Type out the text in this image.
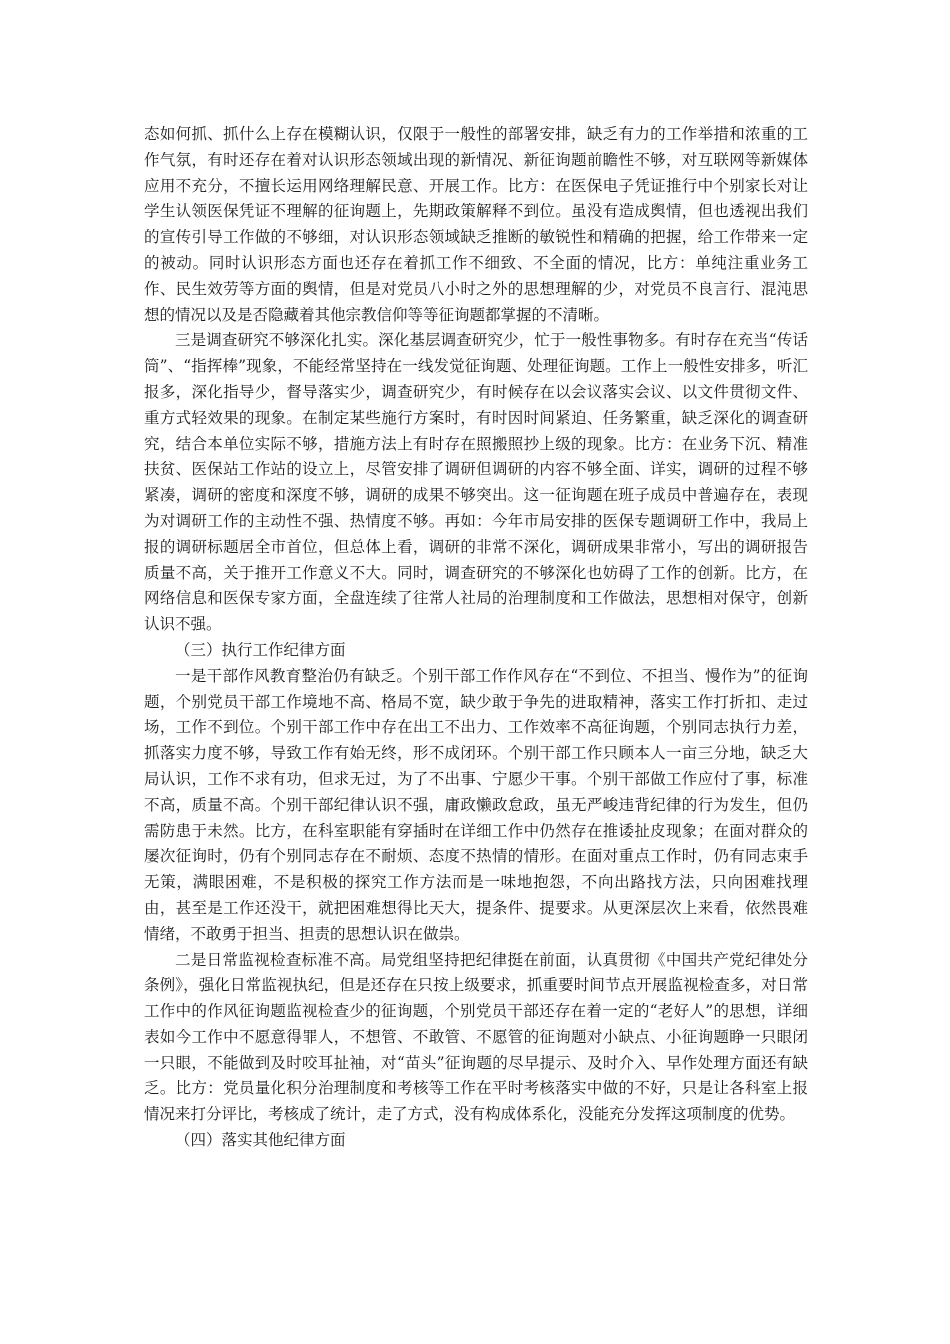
态如何抓、抓什么上存在模糊认识，仅限于一般性的部署安排，缺乏有力的工作举措和浓重的工作气氛，有时还存在着对认识形态领域出现的新情况、新征询题前瞻性不够，对互联网等新媒体应用不充分，不擅长运用网络理解民意、开展工作。比方：在医保电子凭证推行中个别家长对让学生认领医保凭证不理解的征询题上，先期政策解释不到位。虽没有造成舆情，但也透视出我们的宣传引导工作做的不够细，对认识形态领域缺乏推断的敏锐性和精确的把握，给工作带来一定的被动。同时认识形态方面也还存在着抓工作不细致、不全面的情况，比方：单纯注重业务工作、民生效劳等方面的舆情，但是对党员八小时之外的思想理解的少，对党员不良言行、混沌思想的情况以及是否隐藏着其他宗教信仰等等征询题都掌握的不清晰。

三是调查研究不够深化扎实。深化基层调查研究少，忙于一般性事物多。有时存在充当“传话筒”、“指挥棒”现象，不能经常坚持在一线发觉征询题、处理征询题。工作上一般性安排多，听汇报多，深化指导少，督导落实少，调查研究少，有时候存在以会议落实会议、以文件贯彻文件、重方式轻效果的现象。在制定某些施行方案时，有时因时间紧迫、任务繁重，缺乏深化的调查研究，结合本单位实际不够，措施方法上有时存在照搬照抄上级的现象。比方：在业务下沉、精准扶贫、医保站工作站的设立上，尽管安排了调研但调研的内容不够全面、详实，调研的过程不够紧凑，调研的密度和深度不够，调研的成果不够突出。这一征询题在班子成员中普遍存在，表现为对调研工作的主动性不强、热情度不够。再如：今年市局安排的医保专题调研工作中，我局上报的调研标题居全市首位，但总体上看，调研的非常不深化，调研成果非常小，写出的调研报告质量不高，关于推开工作意义不大。同时，调查研究的不够深化也妨碍了工作的创新。比方，在网络信息和医保专家方面，全盘连续了往常人社局的治理制度和工作做法，思想相对保守，创新认识不强。

（三）执行工作纪律方面

一是干部作风教育整治仍有缺乏。个别干部工作作风存在“不到位、不担当、慢作为”的征询题，个别党员干部工作境地不高、格局不宽，缺少敢于争先的进取精神，落实工作打折扣、走过场，工作不到位。个别干部工作中存在出工不出力、工作效率不高征询题，个别同志执行力差，抓落实力度不够，导致工作有始无终，形不成闭环。个别干部工作只顾本人一亩三分地，缺乏大局认识，工作不求有功，但求无过，为了不出事、宁愿少干事。个别干部做工作应付了事，标准不高，质量不高。个别干部纪律认识不强，庸政懒政怠政，虽无严峻违背纪律的行为发生，但仍需防患于未然。比方，在科室职能有穿插时在详细工作中仍然存在推诿扯皮现象；在面对群众的屡次征询时，仍有个别同志存在不耐烦、态度不热情的情形。在面对重点工作时，仍有同志束手无策，满眼困难，不是积极的探究工作方法而是一味地抱怨，不向出路找方法，只向困难找理由，甚至是工作还没干，就把困难想得比天大，提条件、提要求。从更深层次上来看，依然畏难情绪，不敢勇于担当、担责的思想认识在做祟。

二是日常监视检查标准不高。局党组坚持把纪律挺在前面，认真贯彻《中国共产党纪律处分条例》，强化日常监视执纪，但是还存在只按上级要求，抓重要时间节点开展监视检查多，对日常工作中的作风征询题监视检查少的征询题，个别党员干部还存在着一定的“老好人”的思想，详细表如今工作中不愿意得罪人，不想管、不敢管、不愿管的征询题对小缺点、小征询题睁一只眼闭一只眼，不能做到及时咬耳扯袖，对“苗头”征询题的尽早提示、及时介入、早作处理方面还有缺乏。比方：党员量化积分治理制度和考核等工作在平时考核落实中做的不好，只是让各科室上报情况来打分评比，考核成了统计，走了方式，没有构成体系化，没能充分发挥这项制度的优势。

（四）落实其他纪律方面
